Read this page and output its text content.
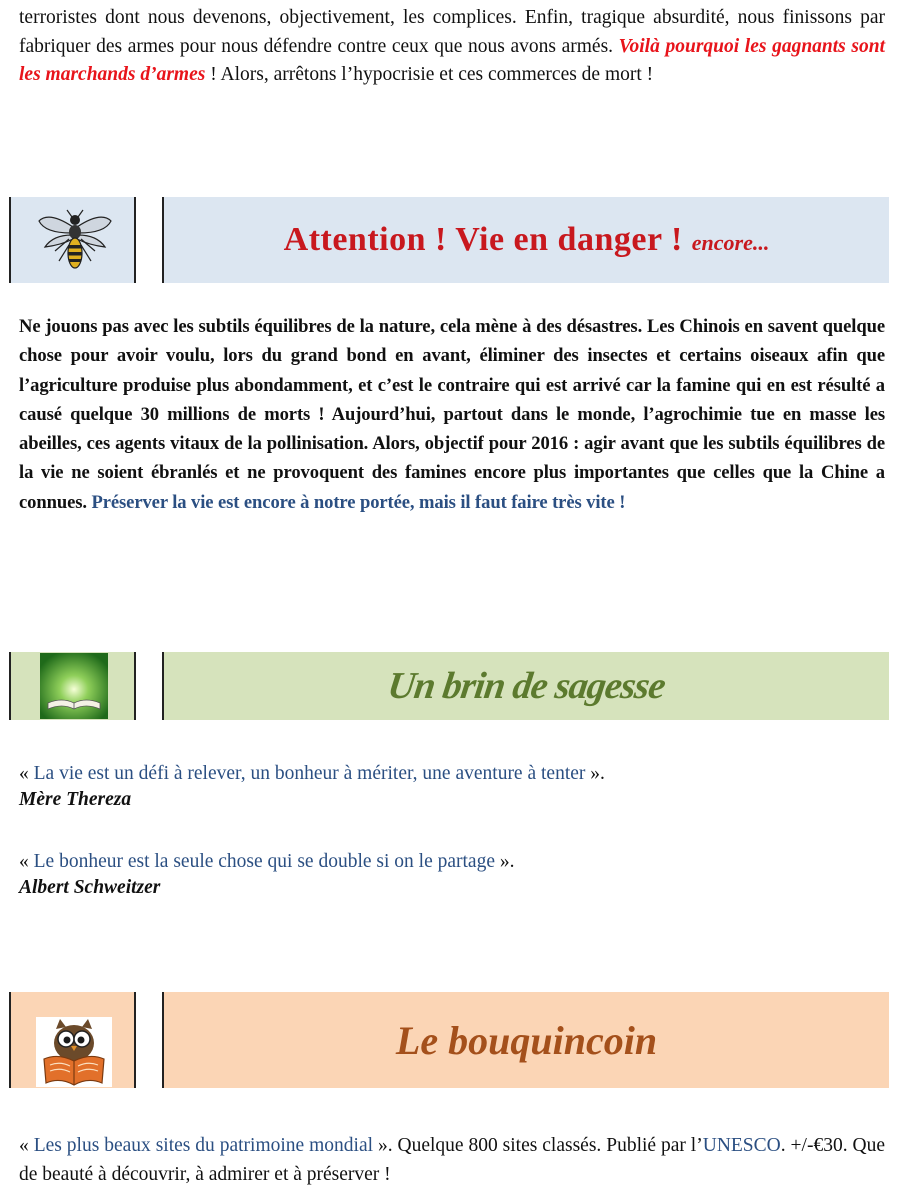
terroristes dont nous devenons, objectivement, les complices. Enfin, tragique absurdité, nous finissons par fabriquer des armes pour nous défendre contre ceux que nous avons armés. Voilà pourquoi les gagnants sont les marchands d’armes ! Alors, arrêtons l’hypocrisie et ces commerces de mort !
Attention ! Vie en danger ! encore...
Ne jouons pas avec les subtils équilibres de la nature, cela mène à des désastres. Les Chinois en savent quelque chose pour avoir voulu, lors du grand bond en avant, éliminer des insectes et certains oiseaux afin que l’agriculture produise plus abondamment, et c’est le contraire qui est arrivé car la famine qui en est résulté a causé quelque 30 millions de morts ! Aujourd’hui, partout dans le monde, l’agrochimie tue en masse les abeilles, ces agents vitaux de la pollinisation. Alors, objectif pour 2016 : agir avant que les subtils équilibres de la vie ne soient ébranlés et ne provoquent des famines encore plus importantes que celles que la Chine a connues. Préserver la vie est encore à notre portée, mais il faut faire très vite !
Un brin de sagesse
« La vie est un défi à relever, un bonheur à mériter, une aventure à tenter ».
Mère Thereza
« Le bonheur est la seule chose qui se double si on le partage ».
Albert Schweitzer
Le bouquincoin
« Les plus beaux sites du patrimoine mondial ». Quelque 800 sites classés. Publié par l’UNESCO. +/-€30. Que de beauté à découvrir, à admirer et à préserver !
